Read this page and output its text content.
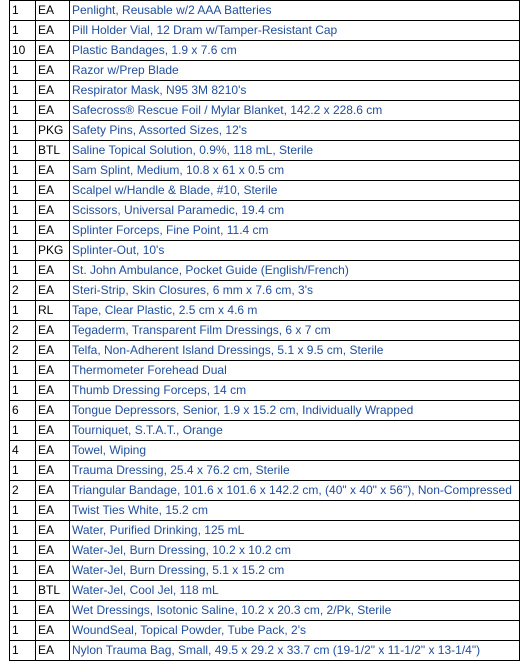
1	EA	Penlight, Reusable w/2 AAA Batteries
1	EA	Pill Holder Vial, 12 Dram w/Tamper-Resistant Cap
10	EA	Plastic Bandages, 1.9 x 7.6 cm
1	EA	Razor w/Prep Blade
1	EA	Respirator Mask, N95 3M 8210's
1	EA	Safecross® Rescue Foil / Mylar Blanket, 142.2 x 228.6 cm
1	PKG	Safety Pins, Assorted Sizes, 12's
1	BTL	Saline Topical Solution, 0.9%, 118 mL, Sterile
1	EA	Sam Splint, Medium, 10.8 x 61 x 0.5 cm
1	EA	Scalpel w/Handle & Blade, #10, Sterile
1	EA	Scissors, Universal Paramedic, 19.4 cm
1	EA	Splinter Forceps, Fine Point, 11.4 cm
1	PKG	Splinter-Out, 10's
1	EA	St. John Ambulance, Pocket Guide (English/French)
2	EA	Steri-Strip, Skin Closures, 6 mm x 7.6 cm, 3's
1	RL	Tape, Clear Plastic, 2.5 cm x 4.6 m
2	EA	Tegaderm, Transparent Film Dressings, 6 x 7 cm
2	EA	Telfa, Non-Adherent Island Dressings, 5.1 x 9.5 cm, Sterile
1	EA	Thermometer Forehead Dual
1	EA	Thumb Dressing Forceps, 14 cm
6	EA	Tongue Depressors, Senior, 1.9 x 15.2 cm, Individually Wrapped
1	EA	Tourniquet, S.T.A.T., Orange
4	EA	Towel, Wiping
1	EA	Trauma Dressing, 25.4 x 76.2 cm, Sterile
2	EA	Triangular Bandage, 101.6 x 101.6 x 142.2 cm, (40" x 40" x 56"), Non-Compressed
1	EA	Twist Ties White, 15.2 cm
1	EA	Water, Purified Drinking, 125 mL
1	EA	Water-Jel, Burn Dressing, 10.2 x 10.2 cm
1	EA	Water-Jel, Burn Dressing, 5.1 x 15.2 cm
1	BTL	Water-Jel, Cool Jel, 118 mL
1	EA	Wet Dressings, Isotonic Saline, 10.2 x 20.3 cm, 2/Pk, Sterile
1	EA	WoundSeal, Topical Powder, Tube Pack, 2's
1	EA	Nylon Trauma Bag, Small, 49.5 x 29.2 x 33.7 cm (19-1/2" x 11-1/2" x 13-1/4")
